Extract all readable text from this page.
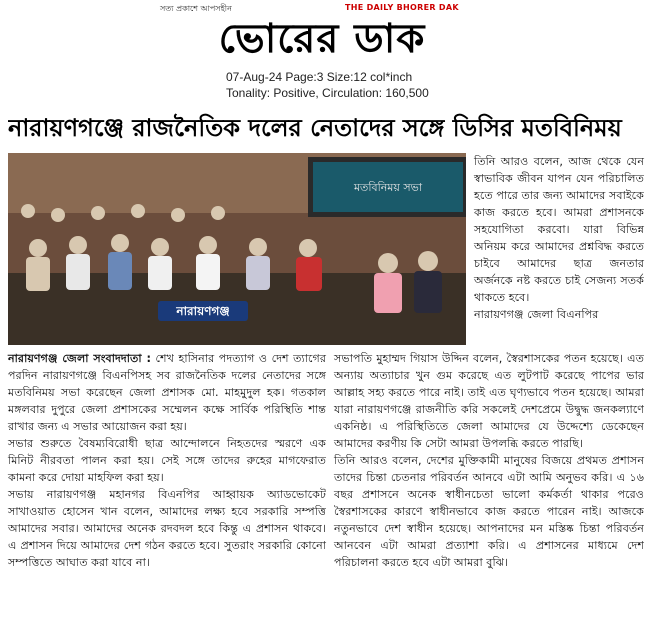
সত্য প্রকাশে আপসহীন	THE DAILY BHORER DAK
ভোরের ডাক
07-Aug-24 Page:3 Size:12 col*inch
Tonality: Positive, Circulation: 160,500
নারায়ণগঞ্জে রাজনৈতিক দলের নেতাদের সঙ্গে ডিসির মতবিনিময়
মতবিনিময় সভা
নারায়ণগঞ্জ

তিনি আরও বলেন, আজ থেকে যেন স্বাভাবিক জীবন যাপন যেন পরিচালিত হতে পারে তার জন্য আমাদের সবাইকে কাজ করতে হবে। আমরা প্রশাসনকে সহযোগিতা করবো। যারা বিভিন্ন অনিয়ম করে আমাদের প্রশ্নবিদ্ধ করতে চাইবে আমাদের ছাত্র জনতার অর্জনকে নষ্ট করতে চাই সেজন্য সতর্ক থাকতে হবে।

নারায়ণগঞ্জ জেলা বিএনপির

নারায়ণগঞ্জ জেলা সংবাদদাতা : শেখ হাসিনার পদত্যাগ ও দেশ ত্যাগের পরদিন নারায়ণগঞ্জে বিএনপিসহ সব রাজনৈতিক দলের নেতাদের সঙ্গে মতবিনিময় সভা করেছেন জেলা প্রশাসক মো. মাহমুদুল হক। গতকাল মঙ্গলবার দুপুরে জেলা প্রশাসকের সম্মেলন কক্ষে সার্বিক পরিস্থিতি শান্ত রাখার জন্য এ সভার আয়োজন করা হয়।

সভার শুরুতে বৈষম্যবিরোধী ছাত্র আন্দোলনে নিহতদের স্মরণে এক মিনিট নীরবতা পালন করা হয়। সেই সঙ্গে তাদের রুহের মাগফেরাত কামনা করে দোয়া মাহফিল করা হয়।

সভায় নারায়ণগঞ্জ মহানগর বিএনপির আহ্বায়ক অ্যাডভোকেট সাখাওয়াত হোসেন খান বলেন, আমাদের লক্ষ্য হবে সরকারি সম্পত্তি আমাদের সবার। আমাদের অনেক রদবদল হবে কিন্তু এ প্রশাসন থাকবে। এ প্রশাসন দিয়ে আমাদের দেশ গঠন করতে হবে। সুতরাং সরকারি কোনো সম্পত্তিতে আঘাত করা যাবে না।

সভাপতি মুহাম্মদ গিয়াস উদ্দিন বলেন, স্বৈরশাসকের পতন হয়েছে। এত অন্যায় অত্যাচার খুন গুম করেছে এত লুটপাট করেছে পাপের ভার আল্লাহ সহ্য করতে পারে নাই। তাই এত ঘৃণ্যভাবে পতন হয়েছে। আমরা যারা নারায়ণগঞ্জে রাজনীতি করি সকলেই দেশপ্রেমে উদ্বুদ্ধ জনকল্যাণে একনিষ্ঠ। এ পরিস্থিতিতে জেলা আমাদের যে উদ্দেশ্যে ডেকেছেন আমাদের করণীয় কি সেটা আমরা উপলব্ধি করতে পারছি।

তিনি আরও বলেন, দেশের মুক্তিকামী মানুষের বিজয়ে প্রথমত প্রশাসন তাদের চিন্তা চেতনার পরিবর্তন আনবে এটা আমি অনুভব করি। এ ১৬ বছর প্রশাসনে অনেক স্বাধীনচেতা ভালো কর্মকর্তা থাকার পরেও স্বৈরশাসকের কারণে স্বাধীনভাবে কাজ করতে পারেন নাই। আজকে নতুনভাবে দেশ স্বাধীন হয়েছে। আপনাদের মন মস্তিষ্ক চিন্তা পরিবর্তন আনবেন এটা আমরা প্রত্যাশা করি। এ প্রশাসনের মাধ্যমে দেশ পরিচালনা করতে হবে এটা আমরা বুঝি।
